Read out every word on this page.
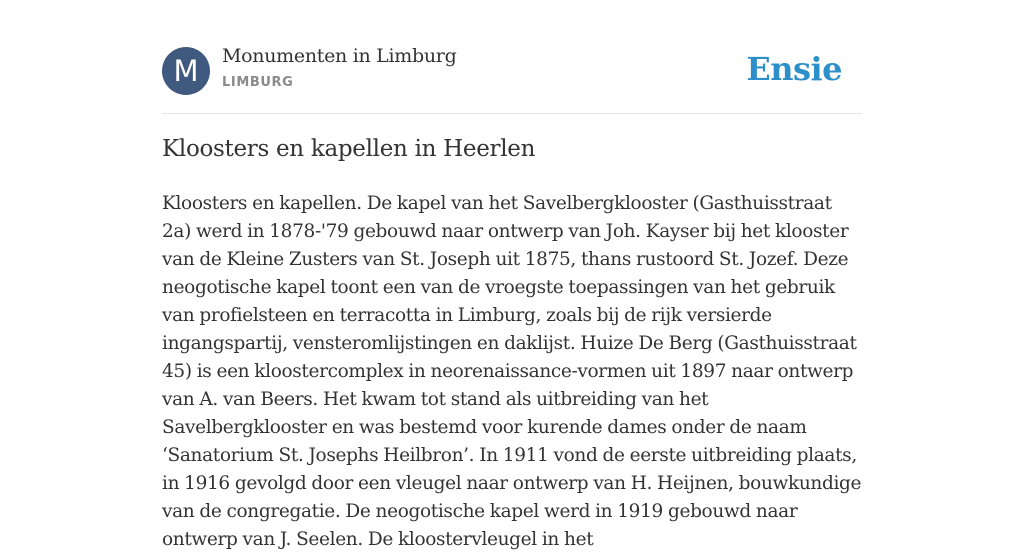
M	Monumenten in Limburg
LIMBURG	Ensie
Kloosters en kapellen in Heerlen

Kloosters en kapellen. De kapel van het Savelbergklooster (Gasthuisstraat 2a) werd in 1878-'79 gebouwd naar ontwerp van Joh. Kayser bij het klooster van de Kleine Zusters van St. Joseph uit 1875, thans rustoord St. Jozef. Deze neogotische kapel toont een van de vroegste toepassingen van het gebruik van profielsteen en terracotta in Limburg, zoals bij de rijk versierde ingangspartij, vensteromlijstingen en daklijst. Huize De Berg (Gasthuisstraat 45) is een kloostercomplex in neorenaissance-vormen uit 1897 naar ontwerp van A. van Beers. Het kwam tot stand als uitbreiding van het Savelbergklooster en was bestemd voor kurende dames onder de naam ‘Sanatorium St. Josephs Heilbron’. In 1911 vond de eerste uitbreiding plaats, in 1916 gevolgd door een vleugel naar ontwerp van H. Heijnen, bouwkundige van de congregatie. De neogotische kapel werd in 1919 gebouwd naar ontwerp van J. Seelen. De kloostervleugel in het
